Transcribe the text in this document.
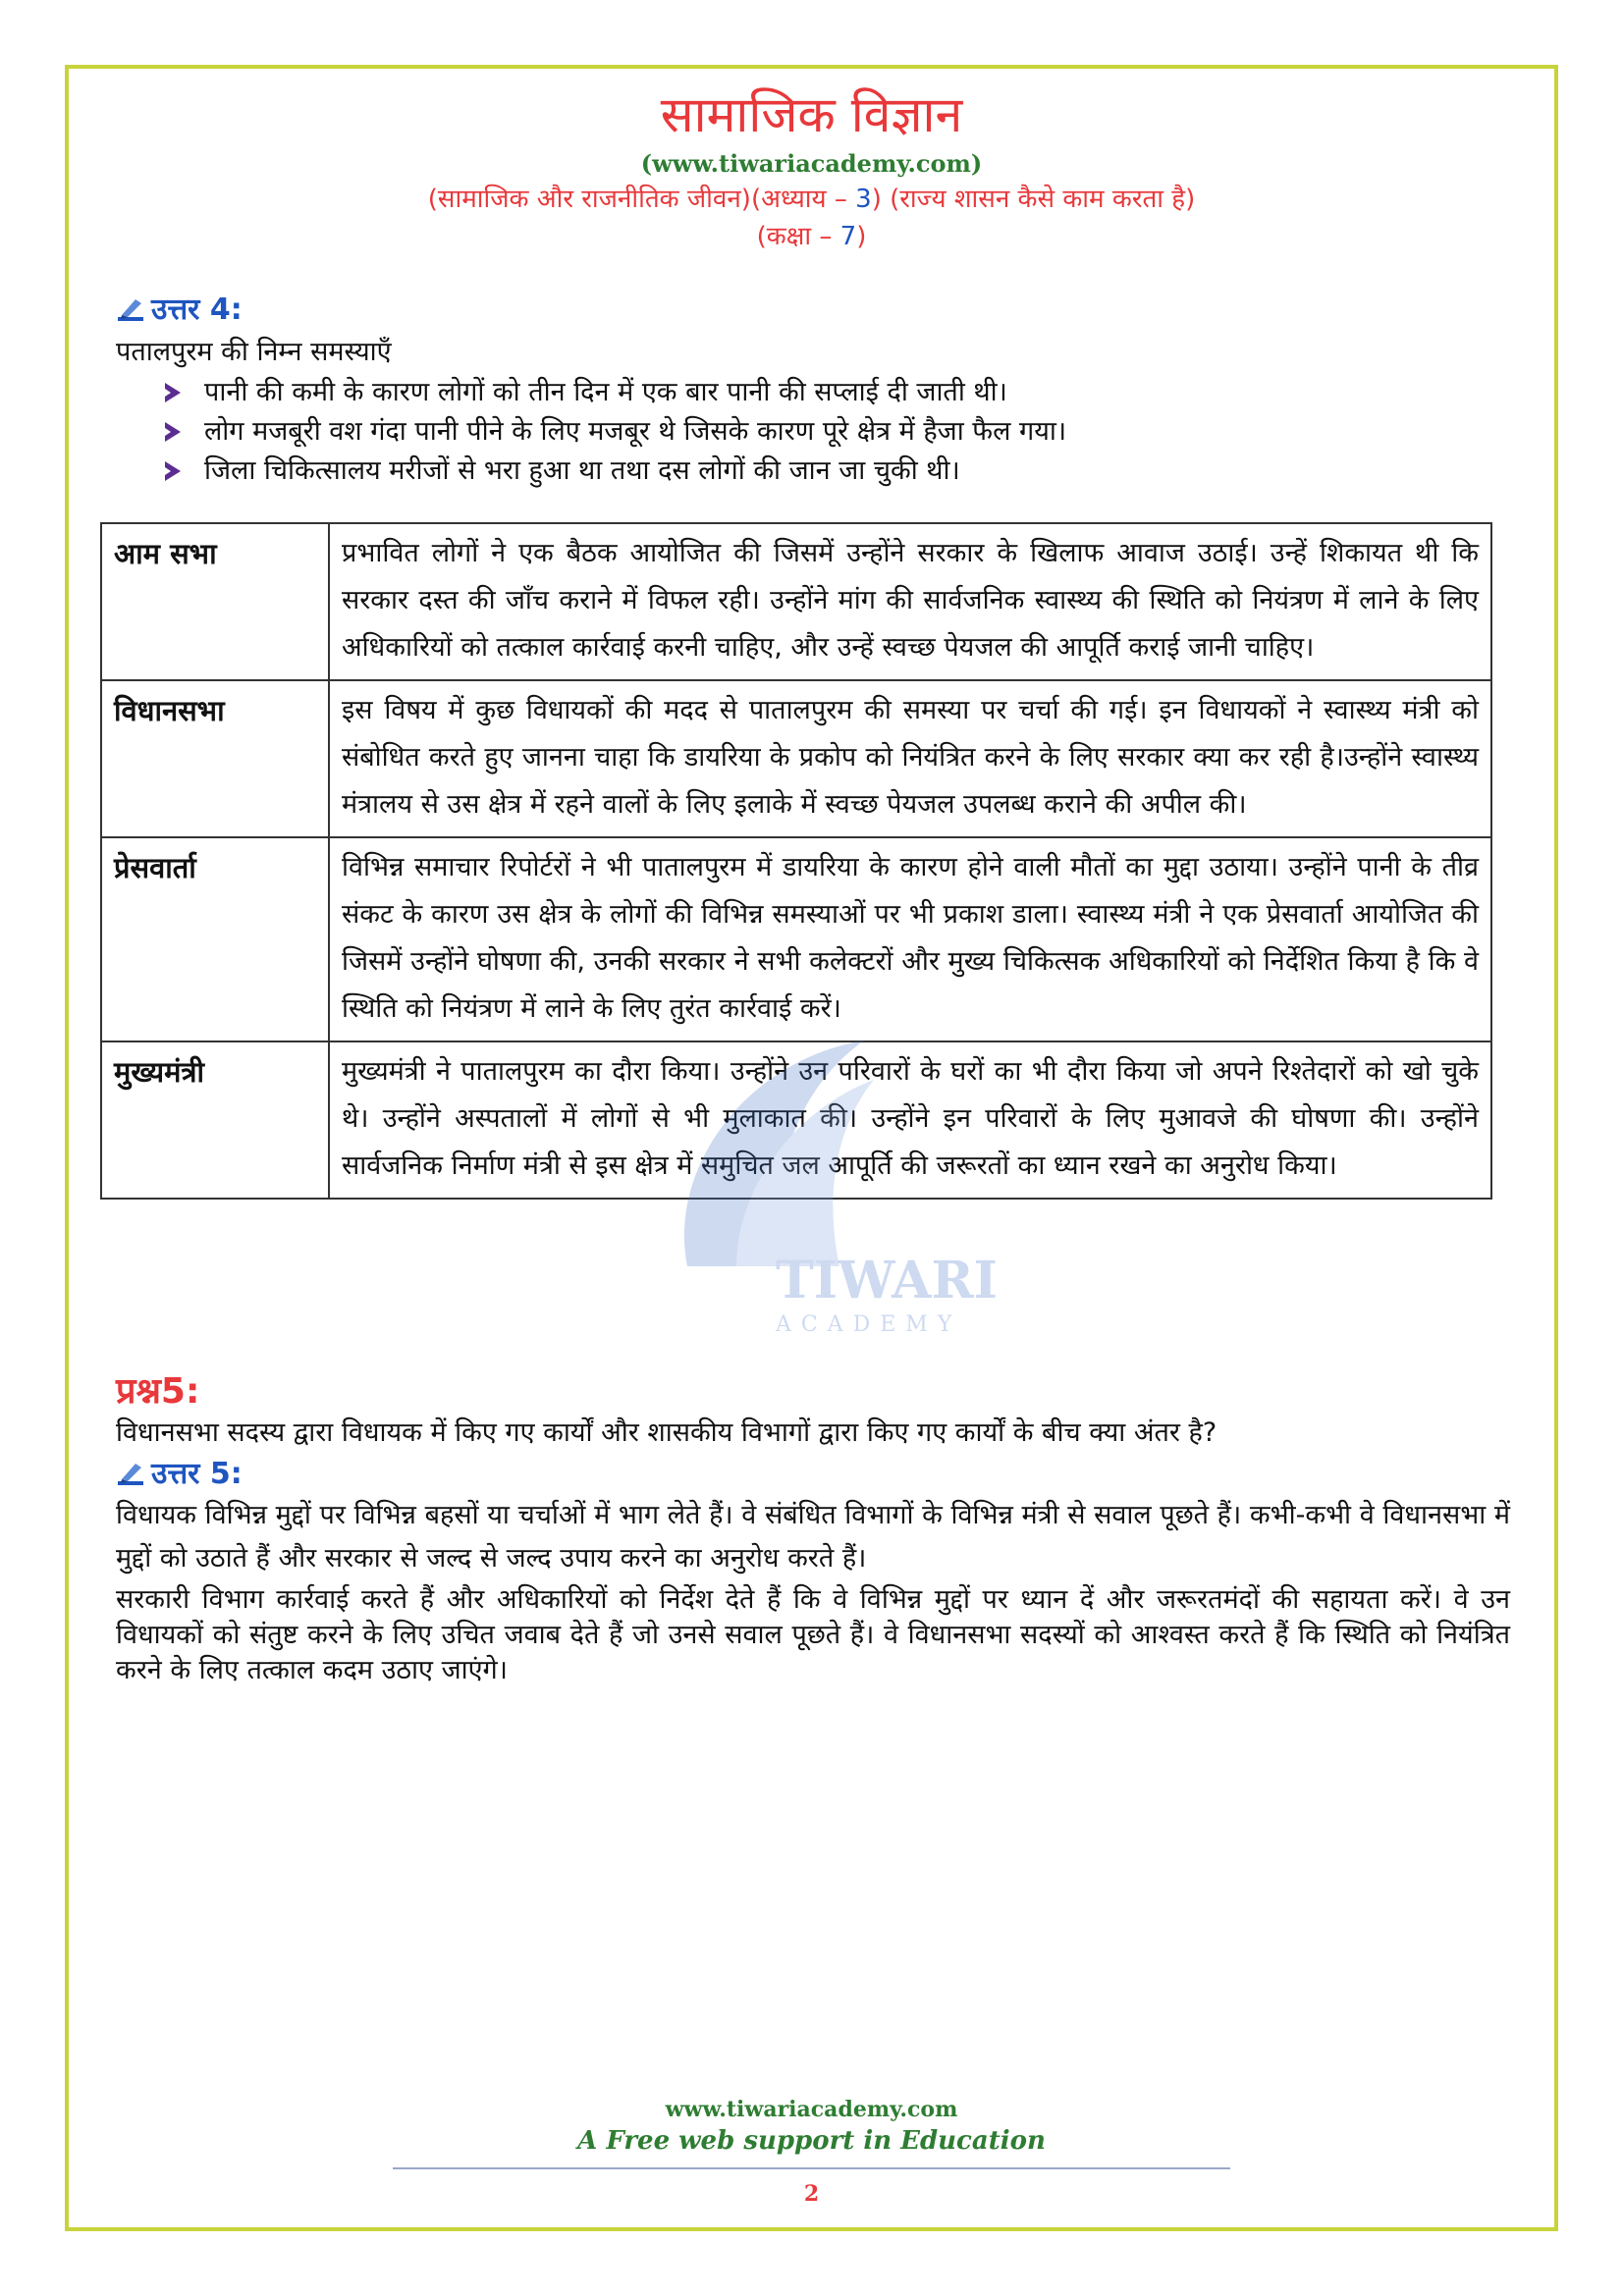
सामाजिक विज्ञान
(www.tiwariacademy.com)
(सामाजिक और राजनीतिक जीवन)(अध्याय – 3) (राज्य शासन कैसे काम करता है)
(कक्षा – 7)
उत्तर 4:
पतालपुरम की निम्न समस्याएँ
पानी की कमी के कारण लोगों को तीन दिन में एक बार पानी की सप्लाई दी जाती थी।
लोग मजबूरी वश गंदा पानी पीने के लिए मजबूर थे जिसके कारण पूरे क्षेत्र में हैजा फैल गया।
जिला चिकित्सालय मरीजों से भरा हुआ था तथा दस लोगों की जान जा चुकी थी।
आम सभा	प्रभावित लोगों ने एक बैठक आयोजित की जिसमें उन्होंने सरकार के खिलाफ आवाज उठाई। उन्हें शिकायत थी कि सरकार दस्त की जाँच कराने में विफल रही। उन्होंने मांग की सार्वजनिक स्वास्थ्य की स्थिति को नियंत्रण में लाने के लिए अधिकारियों को तत्काल कार्रवाई करनी चाहिए, और उन्हें स्वच्छ पेयजल की आपूर्ति कराई जानी चाहिए।
विधानसभा	इस विषय में कुछ विधायकों की मदद से पातालपुरम की समस्या पर चर्चा की गई। इन विधायकों ने स्वास्थ्य मंत्री को संबोधित करते हुए जानना चाहा कि डायरिया के प्रकोप को नियंत्रित करने के लिए सरकार क्या कर रही है।उन्होंने स्वास्थ्य मंत्रालय से उस क्षेत्र में रहने वालों के लिए इलाके में स्वच्छ पेयजल उपलब्ध कराने की अपील की।
प्रेसवार्ता	विभिन्न समाचार रिपोर्टरों ने भी पातालपुरम में डायरिया के कारण होने वाली मौतों का मुद्दा उठाया। उन्होंने पानी के तीव्र संकट के कारण उस क्षेत्र के लोगों की विभिन्न समस्याओं पर भी प्रकाश डाला। स्वास्थ्य मंत्री ने एक प्रेसवार्ता आयोजित की जिसमें उन्होंने घोषणा की, उनकी सरकार ने सभी कलेक्टरों और मुख्य चिकित्सक अधिकारियों को निर्देशित किया है कि वे स्थिति को नियंत्रण में लाने के लिए तुरंत कार्रवाई करें।
मुख्यमंत्री	मुख्यमंत्री ने पातालपुरम का दौरा किया। उन्होंने उन परिवारों के घरों का भी दौरा किया जो अपने रिश्तेदारों को खो चुके थे। उन्होंने अस्पतालों में लोगों से भी मुलाकात की। उन्होंने इन परिवारों के लिए मुआवजे की घोषणा की। उन्होंने सार्वजनिक निर्माण मंत्री से इस क्षेत्र में समुचित जल आपूर्ति की जरूरतों का ध्यान रखने का अनुरोध किया।
TIWARI
ACADEMY
प्रश्न5:
विधानसभा सदस्य द्वारा विधायक में किए गए कार्यों और शासकीय विभागों द्वारा किए गए कार्यों के बीच क्या अंतर है?
उत्तर 5:
विधायक विभिन्न मुद्दों पर विभिन्न बहसों या चर्चाओं में भाग लेते हैं। वे संबंधित विभागों के विभिन्न मंत्री से सवाल पूछते हैं। कभी-कभी वे विधानसभा में मुद्दों को उठाते हैं और सरकार से जल्द से जल्द उपाय करने का अनुरोध करते हैं।
सरकारी विभाग कार्रवाई करते हैं और अधिकारियों को निर्देश देते हैं कि वे विभिन्न मुद्दों पर ध्यान दें और जरूरतमंदों की सहायता करें। वे उन विधायकों को संतुष्ट करने के लिए उचित जवाब देते हैं जो उनसे सवाल पूछते हैं। वे विधानसभा सदस्यों को आश्वस्त करते हैं कि स्थिति को नियंत्रित करने के लिए तत्काल कदम उठाए जाएंगे।
www.tiwariacademy.com
A Free web support in Education
2
